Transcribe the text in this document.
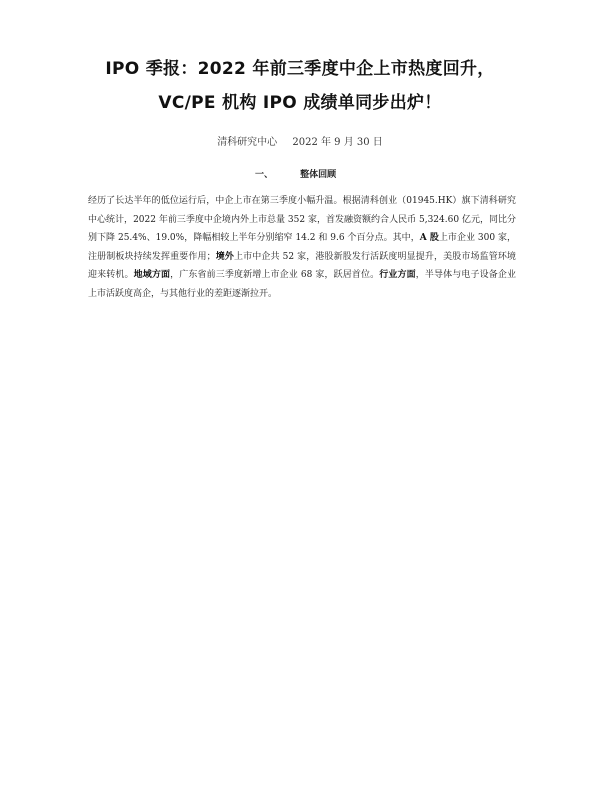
IPO 季报：2022 年前三季度中企上市热度回升，
VC/PE 机构 IPO 成绩单同步出炉！
清科研究中心 2022 年 9 月 30 日
一、	整体回顾

经历了长达半年的低位运行后，中企上市在第三季度小幅升温。根据清科创业（01945.HK）旗下清科研究中心统计，2022 年前三季度中企境内外上市总量 352 家，首发融资额约合人民币 5,324.60 亿元，同比分别下降 25.4%、19.0%，降幅相较上半年分别缩窄 14.2 和 9.6 个百分点。其中，A 股上市企业 300 家，注册制板块持续发挥重要作用；境外上市中企共 52 家，港股新股发行活跃度明显提升，美股市场监管环境迎来转机。地域方面，广东省前三季度新增上市企业 68 家，跃居首位。行业方面，半导体与电子设备企业上市活跃度高企，与其他行业的差距逐渐拉开。
